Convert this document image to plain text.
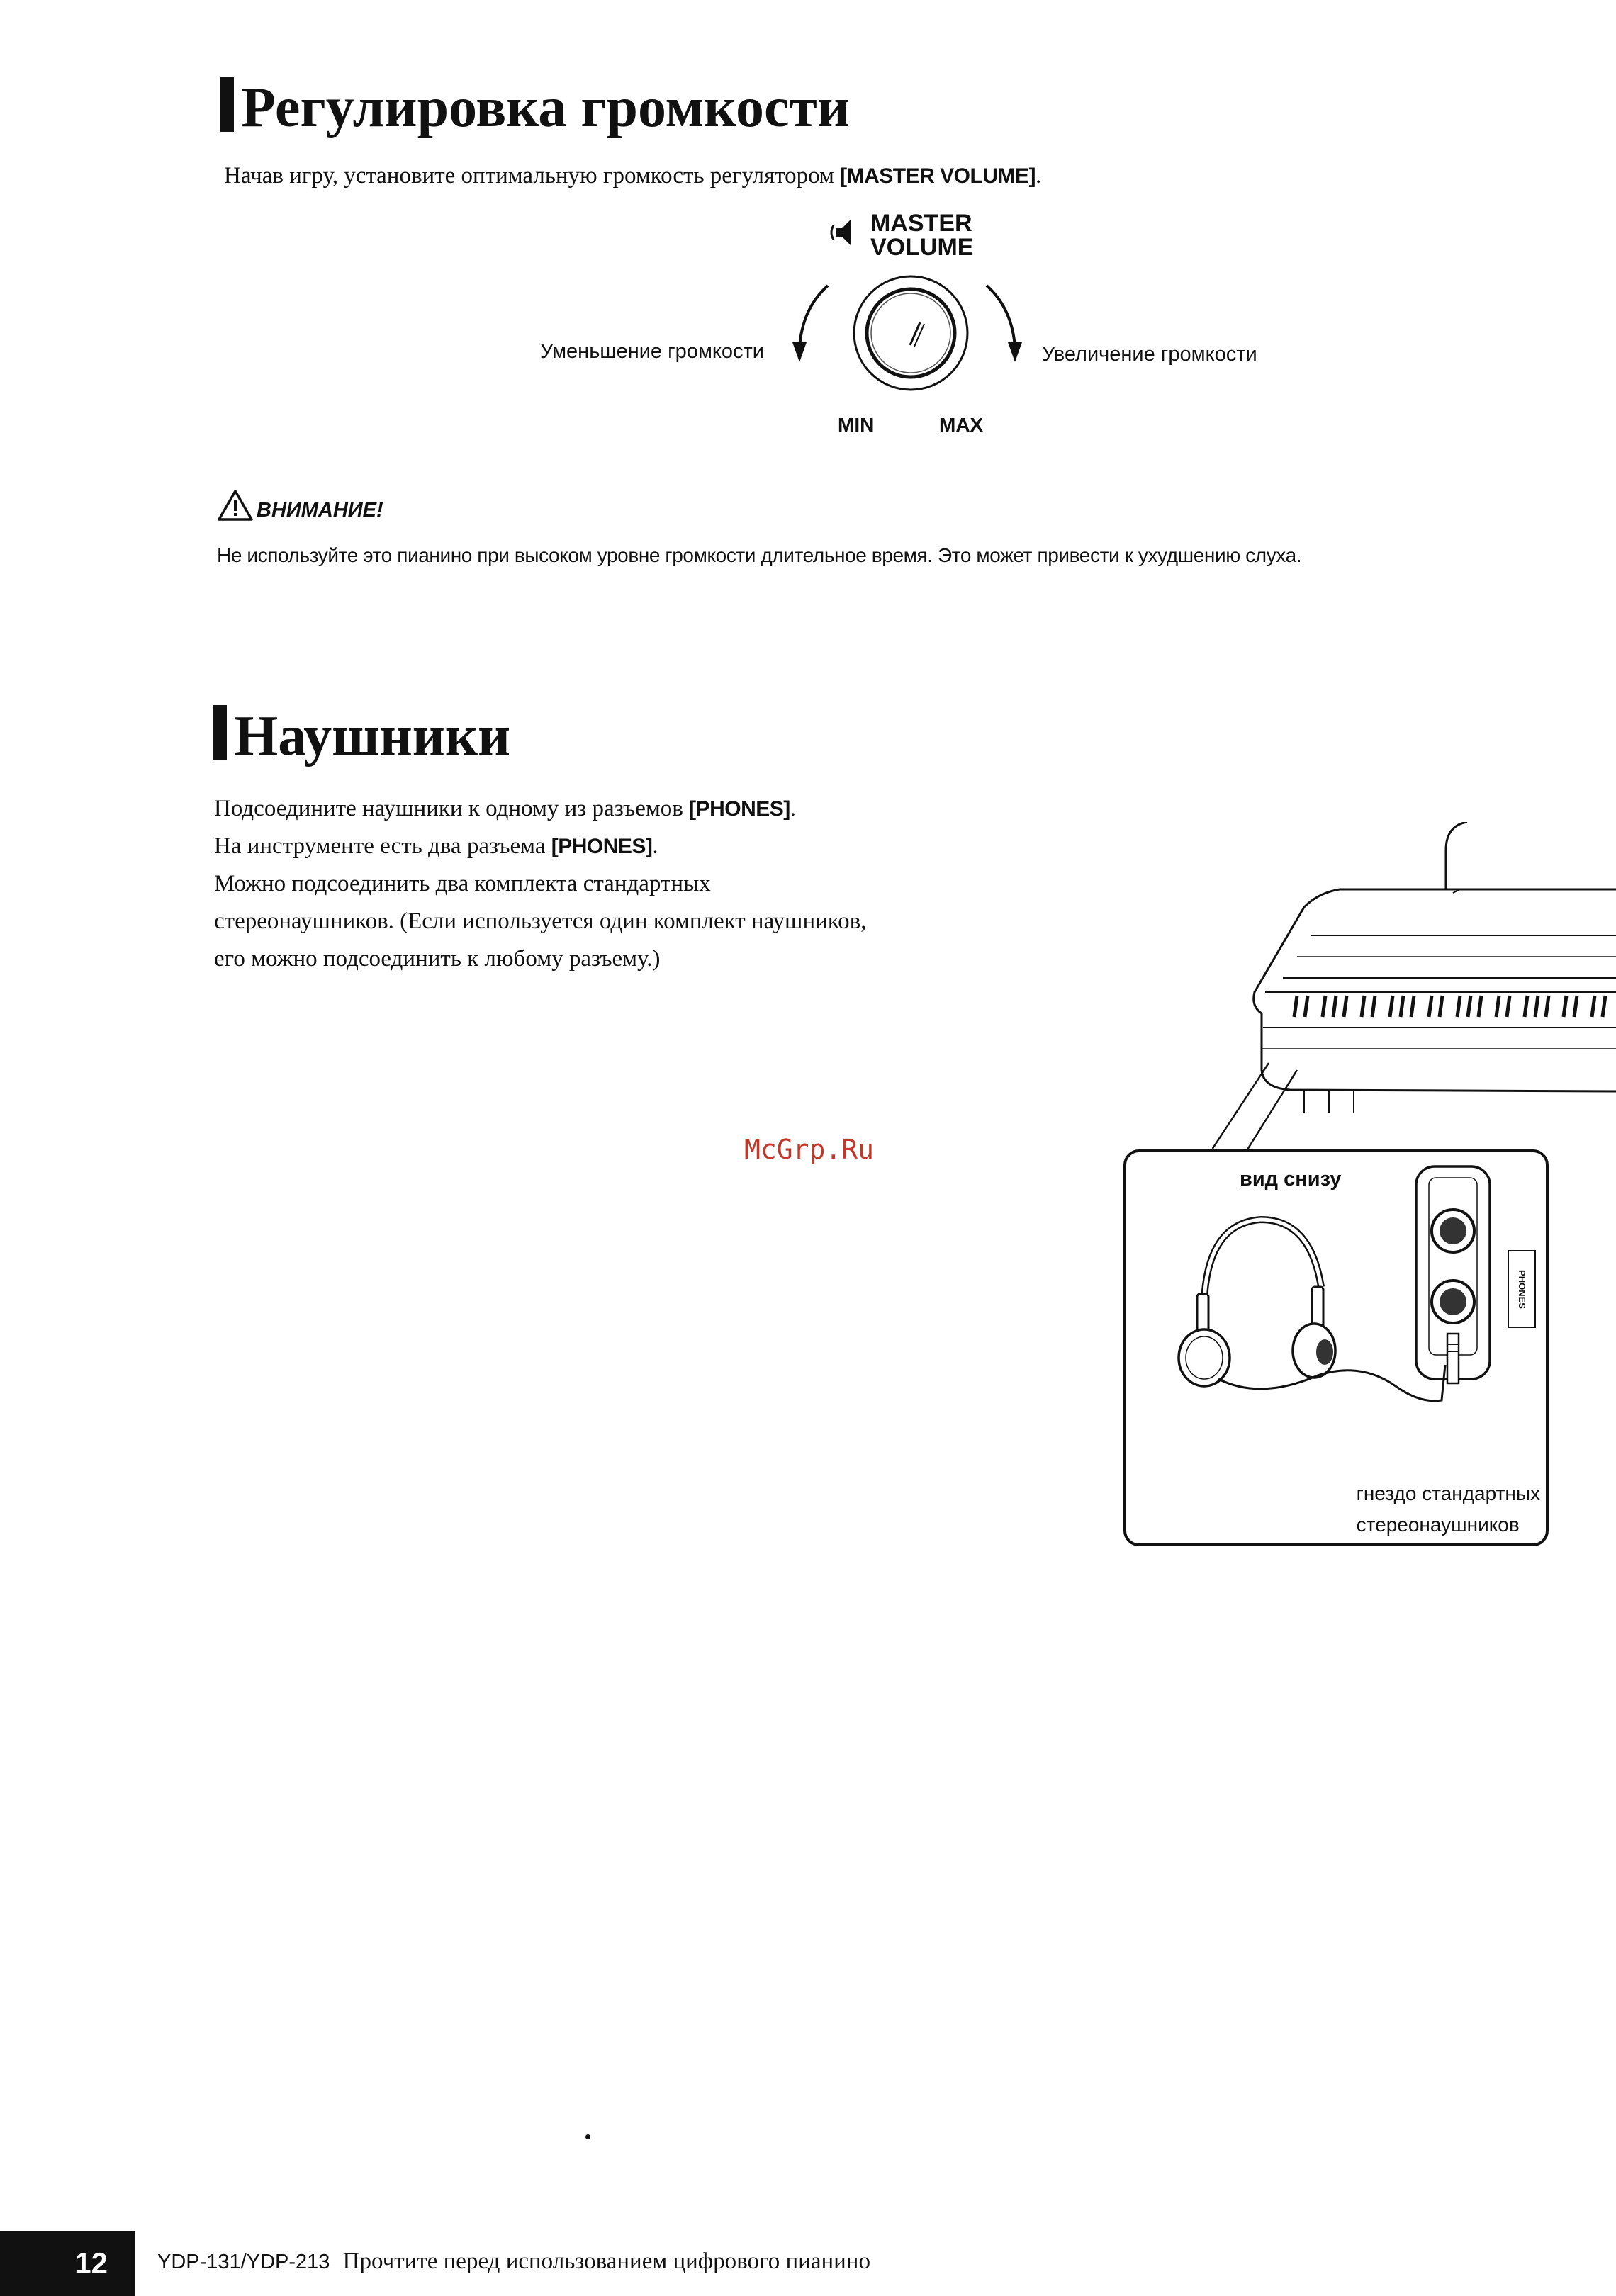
Регулировка громкости
Начав игру, установите оптимальную громкость регулятором [MASTER VOLUME].
MASTER
VOLUME
Уменьшение громкости	Увеличение громкости
MIN	MAX
ВНИМАНИЕ!
Не используйте это пианино при высоком уровне громкости длительное время. Это может привести к ухудшению слуха.
Наушники
Подсоедините наушники к одному из разъемов [PHONES].
На инструменте есть два разъема [PHONES].
Можно подсоединить два комплекта стандартных
стереонаушников. (Если используется один комплект наушников,
его можно подсоединить к любому разъему.)
McGrp.Ru
вид снизу
PHONES
гнездо стандартных
стереонаушников
12 YDP-131/YDP-213 Прочтите перед использованием цифрового пианино
